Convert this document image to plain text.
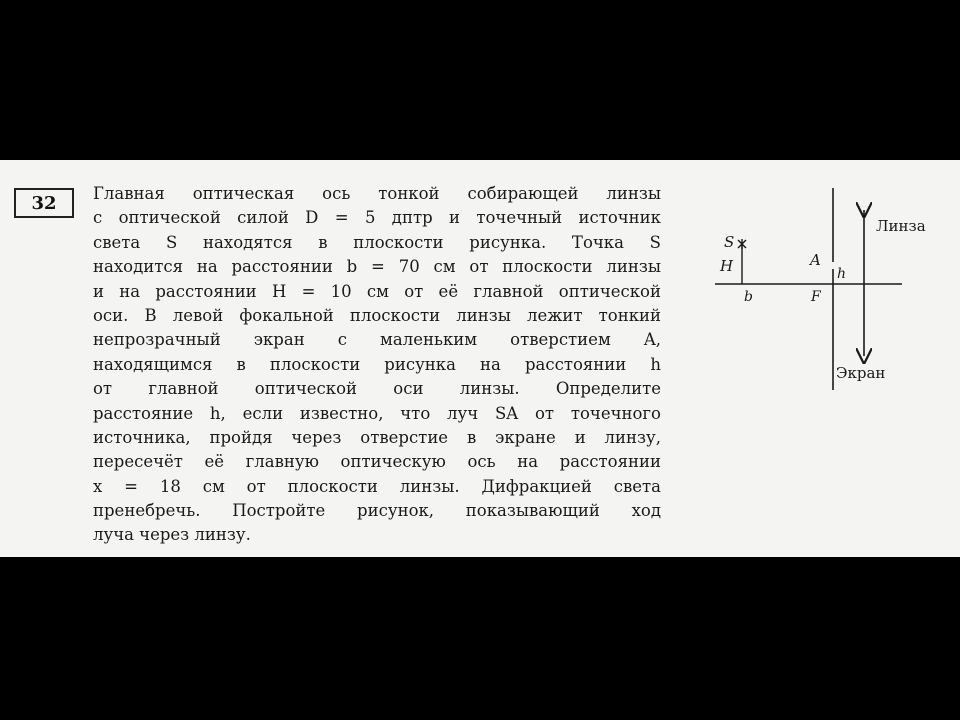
32 Главная оптическая ось тонкой собирающей линзы
с оптической силой D = 5 дптр и точечный источник
света S находятся в плоскости рисунка. Точка S
находится на расстоянии b = 70 см от плоскости линзы
и на расстоянии H = 10 см от её главной оптической
оси. В левой фокальной плоскости линзы лежит тонкий
непрозрачный экран с маленьким отверстием A,
находящимся в плоскости рисунка на расстоянии h
от главной оптической оси линзы. Определите
расстояние h, если известно, что луч SA от точечного
источника, пройдя через отверстие в экране и линзу,
пересечёт её главную оптическую ось на расстоянии
x = 18 см от плоскости линзы. Дифракцией света
пренебречь. Постройте рисунок, показывающий ход
луча через линзу.
S
H
b
A
h
F
Линза
Экран
